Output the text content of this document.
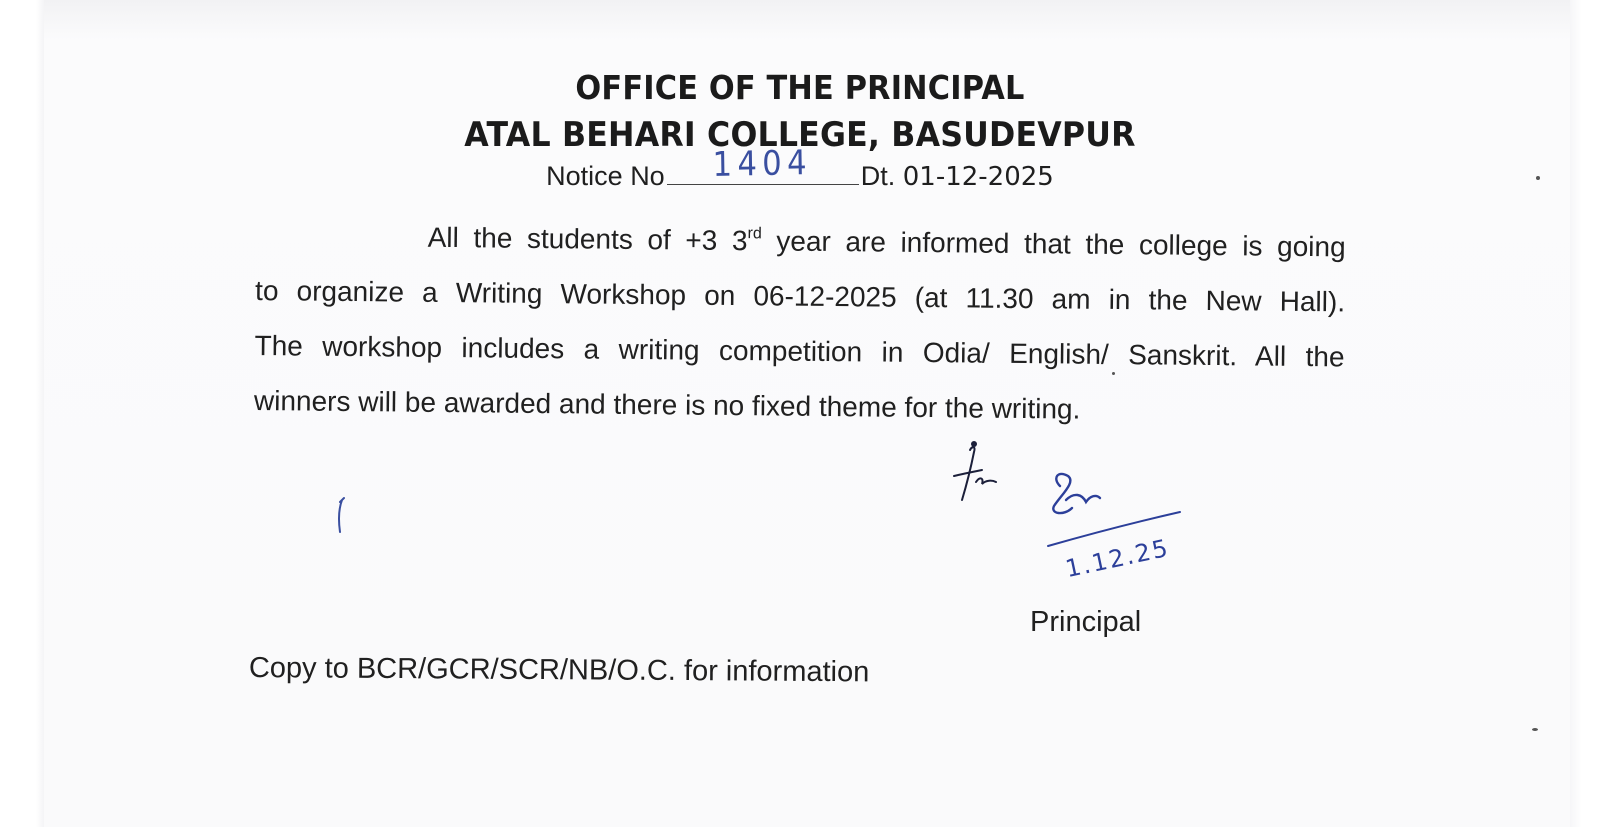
OFFICE OF THE PRINCIPAL
ATAL BEHARI COLLEGE, BASUDEVPUR
Notice No 1404 Dt. 01-12-2025
All the students of +3 3rd year are informed that the college is going
to organize a Writing Workshop on 06-12-2025 (at 11.30 am in the New Hall).
The workshop includes a writing competition in Odia/ English/ Sanskrit. All the
winners will be awarded and there is no fixed theme for the writing.
1.12.25
Principal
Copy to BCR/GCR/SCR/NB/O.C. for information
